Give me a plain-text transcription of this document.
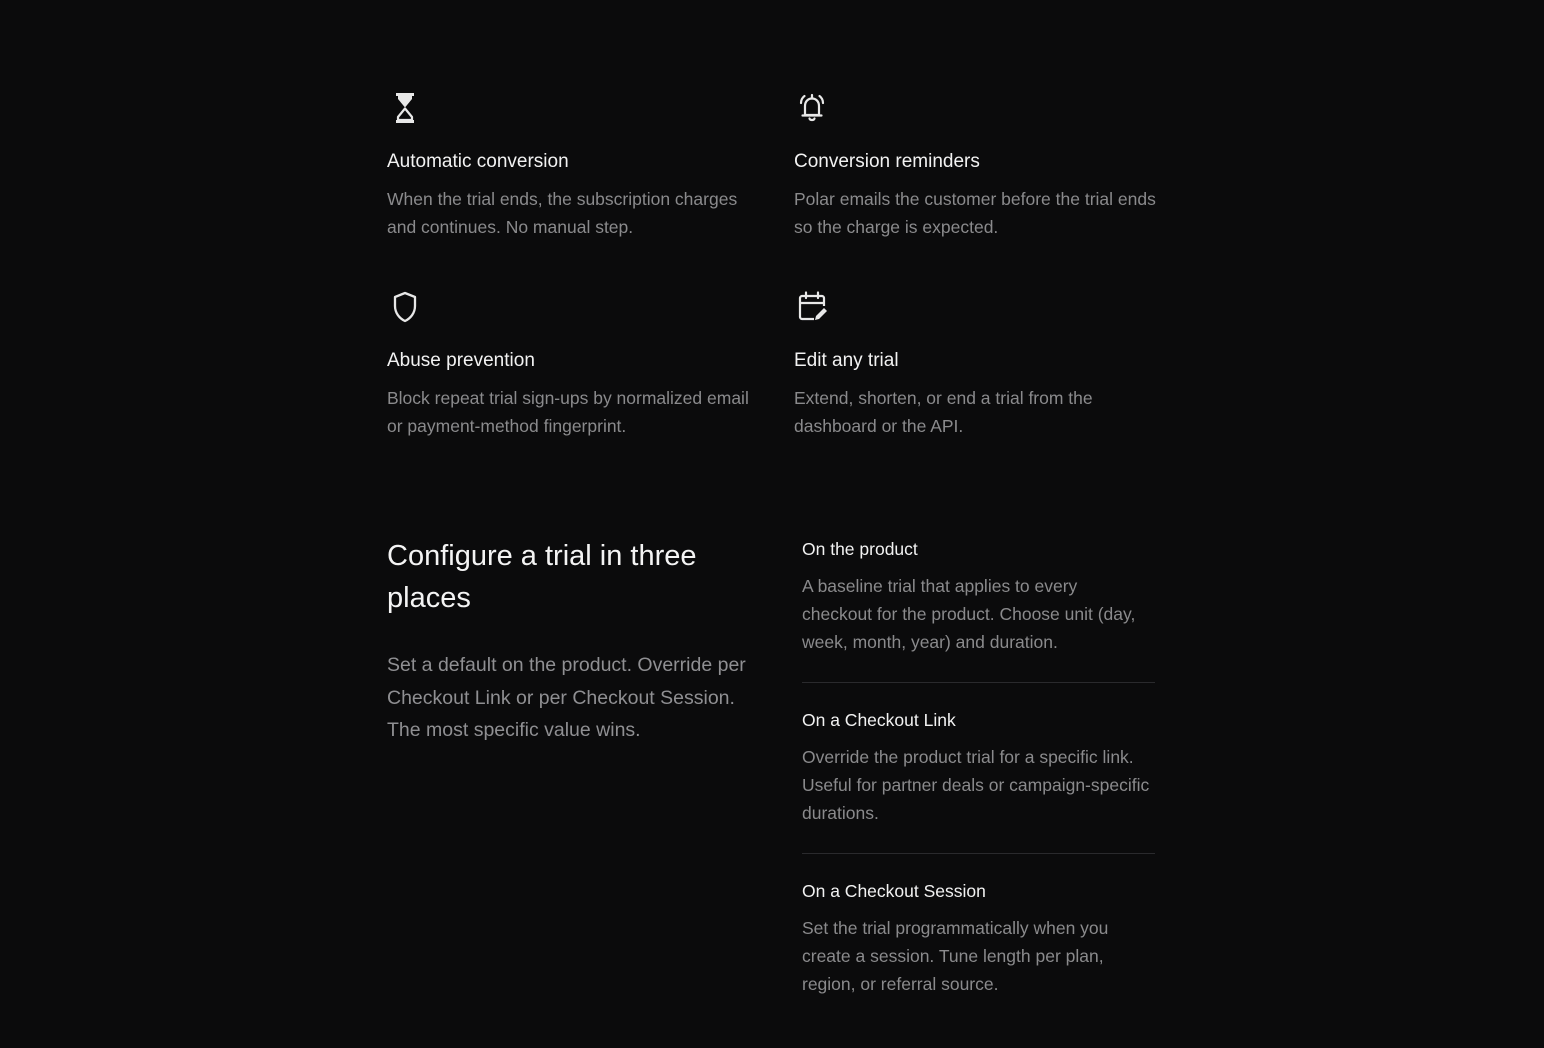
Automatic conversion
When the trial ends, the subscription charges and continues. No manual step.
Conversion reminders
Polar emails the customer before the trial ends so the charge is expected.
Abuse prevention
Block repeat trial sign-ups by normalized email or payment-method fingerprint.
Edit any trial
Extend, shorten, or end a trial from the dashboard or the API.
Configure a trial in three places

Set a default on the product. Override per Checkout Link or per Checkout Session. The most specific value wins.

On the product
A baseline trial that applies to every checkout for the product. Choose unit (day, week, month, year) and duration.
On a Checkout Link
Override the product trial for a specific link. Useful for partner deals or campaign-specific durations.
On a Checkout Session
Set the trial programmatically when you create a session. Tune length per plan, region, or referral source.
